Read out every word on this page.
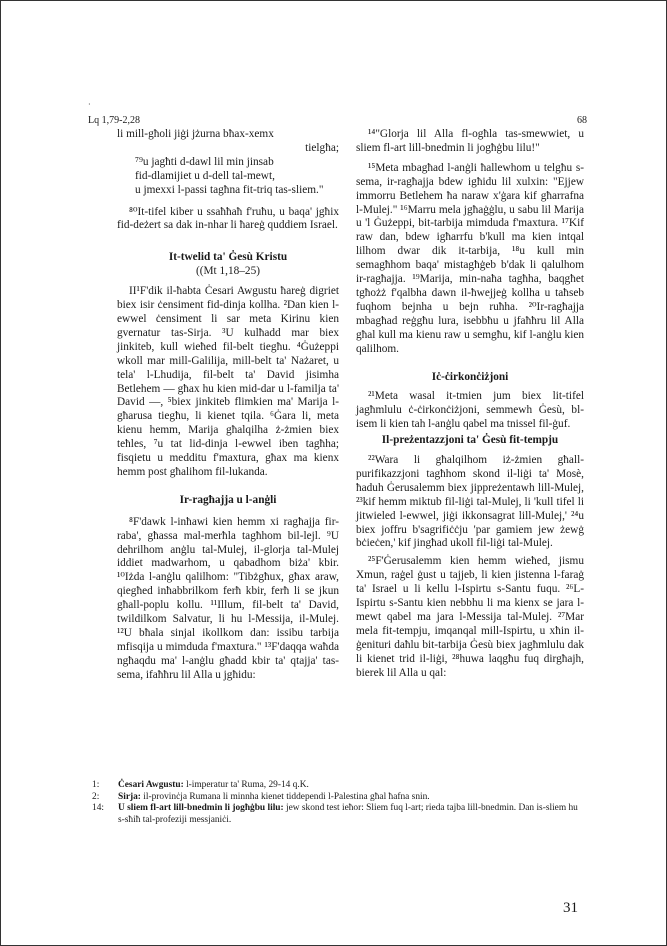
·
Lq 1,79-2,28	68
li mill-għoli jiġi jżurna bħax-xemx
tielgħa;
⁷⁹u jagħti d-dawl lil min jinsab
fid-dlamijiet u d-dell tal-mewt,
u jmexxi l-passi tagħna fit-triq tas-sliem."

⁸⁰It-tifel kiber u ssaħħaħ f'ruħu, u baqa' jgħix fid-deżert sa dak in-nhar li ħareġ quddiem Israel.

It-twelid ta' Ġesù Kristu
((Mt 1,18–25)

II¹F'dik il-ħabta Ċesari Awgustu ħareġ digriet biex isir ċensiment fid-dinja kollha. ²Dan kien l-ewwel ċensiment li sar meta Kirinu kien gvernatur tas-Sirja. ³U kulħadd mar biex jinkiteb, kull wieħed fil-belt tiegħu. ⁴Ġużeppi wkoll mar mill-Galilija, mill-belt ta' Nażaret, u tela' l-Lhudija, fil-belt ta' David jisimha Betlehem — għax hu kien mid-dar u l-familja ta' David —, ⁵biex jinkiteb flimkien ma' Marija l-għarusa tiegħu, li kienet tqila. ⁶Ġara li, meta kienu hemm, Marija għalqilha ż-żmien biex teħles, ⁷u tat lid-dinja l-ewwel iben tagħha; fisqietu u medditu f'maxtura, għax ma kienx hemm post għalihom fil-lukanda.

Ir-ragħajja u l-anġli

⁸F'dawk l-inħawi kien hemm xi ragħajja fir-raba', għassa mal-merħla tagħhom bil-lejl. ⁹U dehrilhom anġlu tal-Mulej, il-glorja tal-Mulej iddiet madwarhom, u qabadhom biża' kbir. ¹⁰Iżda l-anġlu qalilhom: "Tibżgħux, għax araw, qiegħed inħabbrilkom ferħ kbir, ferħ li se jkun għall-poplu kollu. ¹¹Illum, fil-belt ta' David, twildilkom Salvatur, li hu l-Messija, il-Mulej. ¹²U bħala sinjal ikollkom dan: issibu tarbija mfisqija u mimduda f'maxtura." ¹³F'daqqa waħda ngħaqdu ma' l-anġlu għadd kbir ta' qtajja' tas-sema, ifaħħru lil Alla u jgħidu:

¹⁴"Glorja lil Alla fl-ogħla tas-smewwiet, u sliem fl-art lill-bnedmin li jogħġbu lilu!"

¹⁵Meta mbagħad l-anġli ħallewhom u telgħu s-sema, ir-ragħajja bdew igħidu lil xulxin: "Ejjew immorru Betlehem ħa naraw x'ġara kif għarrafna l-Mulej." ¹⁶Marru mela jgħaġġlu, u sabu lil Marija u 'l Ġużeppi, bit-tarbija mimduda f'maxtura. ¹⁷Kif raw dan, bdew igħarrfu b'kull ma kien intqal lilhom dwar dik it-tarbija, ¹⁸u kull min semagħhom baqa' mistagħġeb b'dak li qalulhom ir-ragħajja. ¹⁹Marija, min-naħa tagħha, baqgħet tgħożż f'qalbha dawn il-ħwejjeġ kollha u taħseb fuqhom bejnha u bejn ruħha. ²⁰Ir-ragħajja mbagħad reġgħu lura, isebbħu u jfaħħru lil Alla għal kull ma kienu raw u semgħu, kif l-anġlu kien qalilhom.

Iċ-ċirkonċiżjoni

²¹Meta wasal it-tmien jum biex lit-tifel jagħmlulu ċ-ċirkonċiżjoni, semmewh Ġesù, bl-isem li kien tah l-anġlu qabel ma tnissel fil-ġuf.

Il-preżentazzjoni ta' Ġesù fit-tempju

²²Wara li għalqilhom iż-żmien għall-purifikazzjoni tagħhom skond il-liġi ta' Mosè, ħaduh Ġerusalemm biex jippreżentawh lill-Mulej, ²³kif hemm miktub fil-liġi tal-Mulej, li 'kull tifel li jitwieled l-ewwel, jiġi ikkonsagrat lill-Mulej,' ²⁴u biex joffru b'sagrifiċċju 'par gamiem jew żewġ bċieċen,' kif jingħad ukoll fil-liġi tal-Mulej.

²⁵F'Ġerusalemm kien hemm wieħed, jismu Xmun, raġel ġust u tajjeb, li kien jistenna l-faraġ ta' Israel u li kellu l-Ispirtu s-Santu fuqu. ²⁶L-Ispirtu s-Santu kien nebbhu li ma kienx se jara l-mewt qabel ma jara l-Messija tal-Mulej. ²⁷Mar mela fit-tempju, imqanqal mill-Ispirtu, u xħin il-ġenituri daħlu bit-tarbija Ġesù biex jagħmlulu dak li kienet trid il-liġi, ²⁸huwa laqgħu fuq dirgħajh, bierek lil Alla u qal:

1:	Ċesari Awgustu: l-imperatur ta' Ruma, 29-14 q.K.
2:	Sirja: il-provinċja Rumana li minnha kienet tiddependi l-Palestina għal ħafna snin.
14:	U sliem fl-art lill-bnedmin li jogħġbu lilu: jew skond test ieħor: Sliem fuq l-art; rieda tajba lill-bnedmin. Dan is-sliem hu s-sħiħ tal-profeziji messjaniċi.
31
